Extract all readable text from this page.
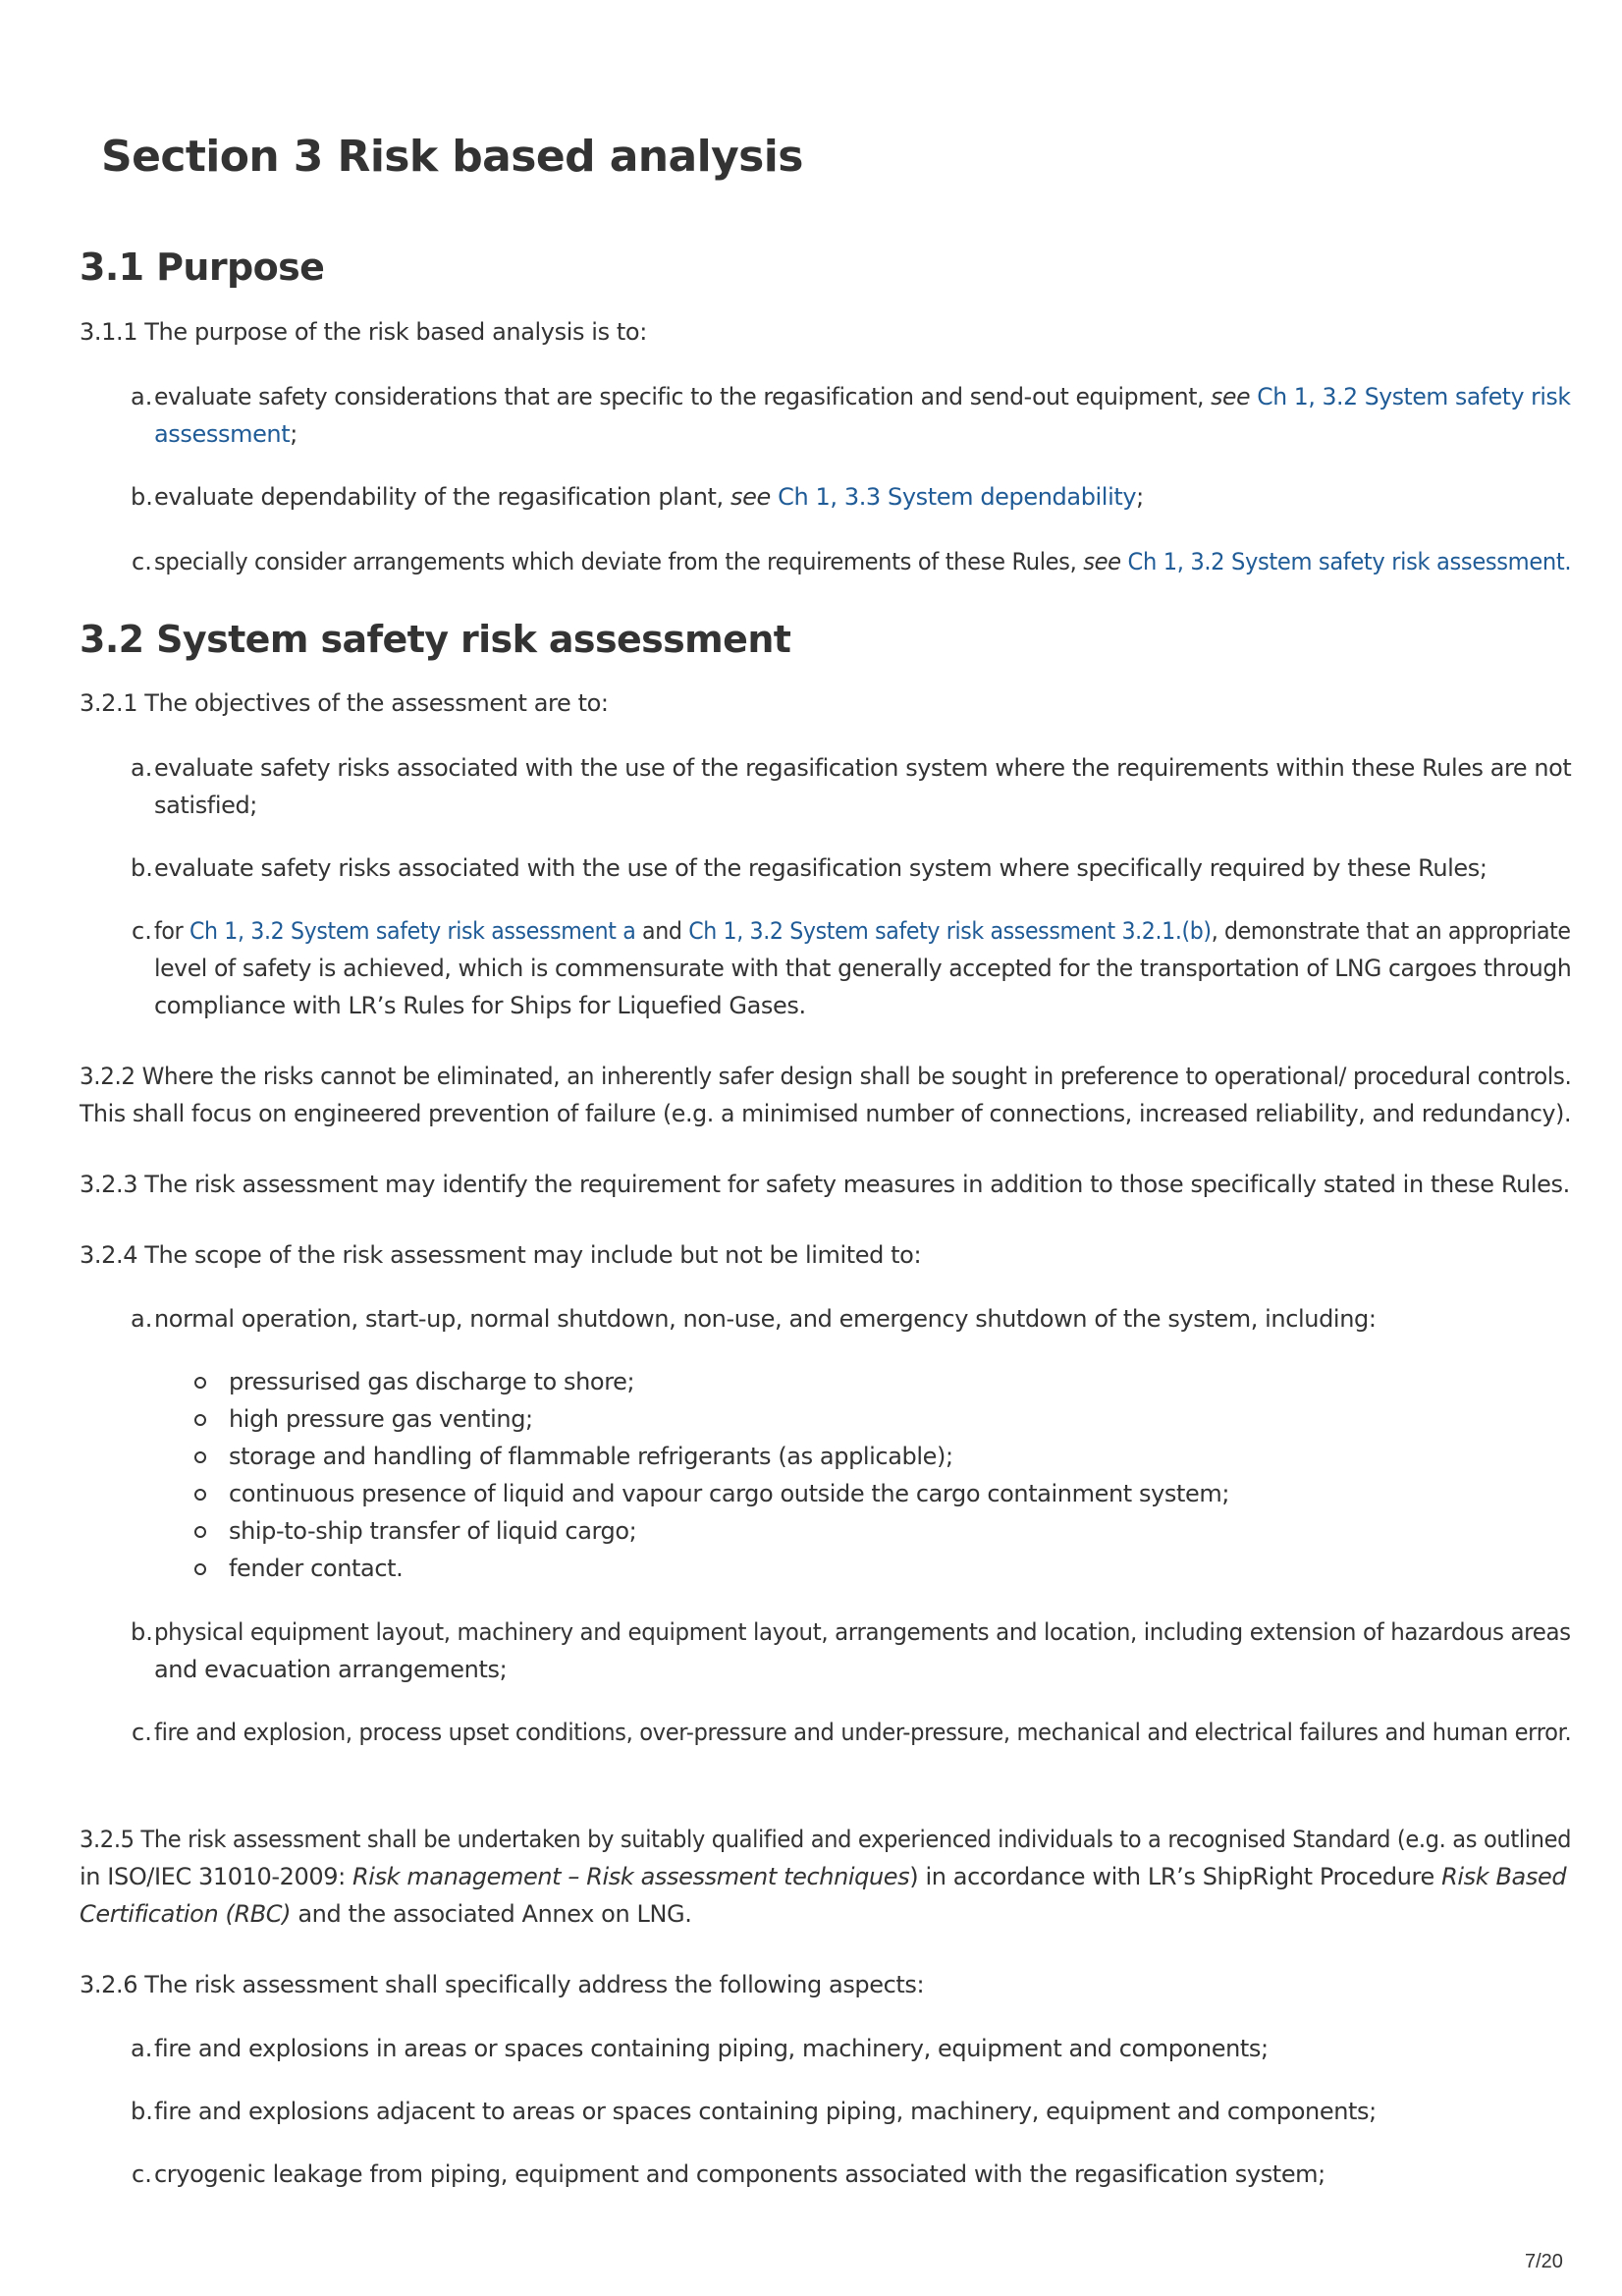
Section 3 Risk based analysis
3.1 Purpose

3.1.1 The purpose of the risk based analysis is to:

a. evaluate safety considerations that are specific to the regasification and send-out equipment, see Ch 1, 3.2 System safety risk

assessment;

b. evaluate dependability of the regasification plant, see Ch 1, 3.3 System dependability;

c. specially consider arrangements which deviate from the requirements of these Rules, see Ch 1, 3.2 System safety risk assessment.

3.2 System safety risk assessment

3.2.1 The objectives of the assessment are to:

a. evaluate safety risks associated with the use of the regasification system where the requirements within these Rules are not

satisfied;

b. evaluate safety risks associated with the use of the regasification system where specifically required by these Rules;

c. for Ch 1, 3.2 System safety risk assessment a and Ch 1, 3.2 System safety risk assessment 3.2.1.(b), demonstrate that an appropriate

level of safety is achieved, which is commensurate with that generally accepted for the transportation of LNG cargoes through

compliance with LR’s Rules for Ships for Liquefied Gases.

3.2.2 Where the risks cannot be eliminated, an inherently safer design shall be sought in preference to operational/ procedural controls.

This shall focus on engineered prevention of failure (e.g. a minimised number of connections, increased reliability, and redundancy).

3.2.3 The risk assessment may identify the requirement for safety measures in addition to those specifically stated in these Rules.

3.2.4 The scope of the risk assessment may include but not be limited to:

a. normal operation, start-up, normal shutdown, non-use, and emergency shutdown of the system, including:

pressurised gas discharge to shore;

high pressure gas venting;

storage and handling of flammable refrigerants (as applicable);

continuous presence of liquid and vapour cargo outside the cargo containment system;

ship-to-ship transfer of liquid cargo;

fender contact.

b. physical equipment layout, machinery and equipment layout, arrangements and location, including extension of hazardous areas

and evacuation arrangements;

c. fire and explosion, process upset conditions, over-pressure and under-pressure, mechanical and electrical failures and human error.

3.2.5 The risk assessment shall be undertaken by suitably qualified and experienced individuals to a recognised Standard (e.g. as outlined

in ISO/IEC 31010-2009: Risk management – Risk assessment techniques) in accordance with LR’s ShipRight Procedure Risk Based

Certification (RBC) and the associated Annex on LNG.

3.2.6 The risk assessment shall specifically address the following aspects:

a. fire and explosions in areas or spaces containing piping, machinery, equipment and components;

b. fire and explosions adjacent to areas or spaces containing piping, machinery, equipment and components;

c. cryogenic leakage from piping, equipment and components associated with the regasification system;

7/20
